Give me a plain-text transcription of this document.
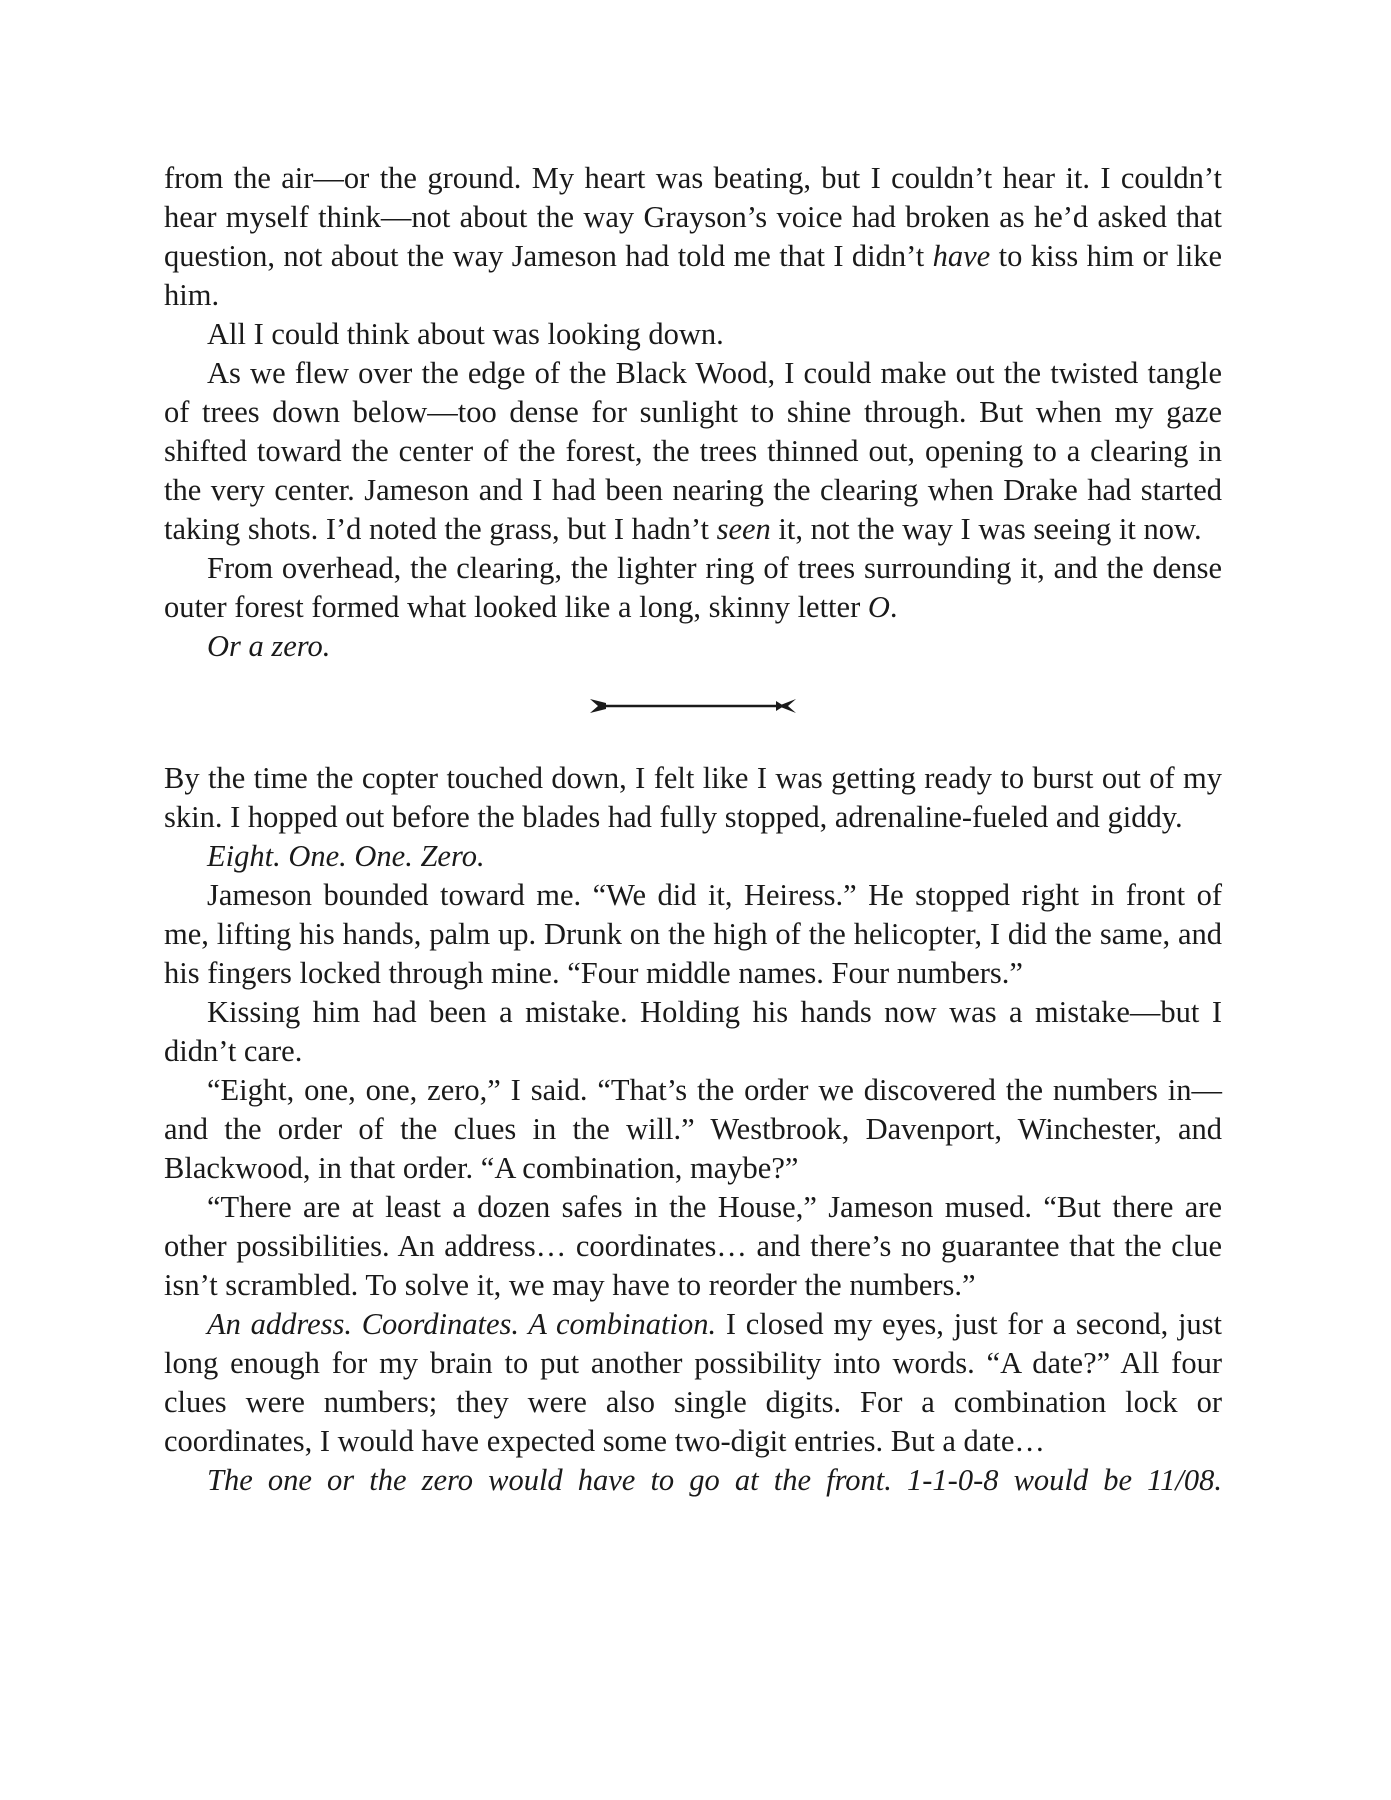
from the air—or the ground. My heart was beating, but I couldn’t hear it. I couldn’t hear myself think—not about the way Grayson’s voice had broken as he’d asked that question, not about the way Jameson had told me that I didn’t have to kiss him or like him.

All I could think about was looking down.

As we flew over the edge of the Black Wood, I could make out the twisted tangle of trees down below—too dense for sunlight to shine through. But when my gaze shifted toward the center of the forest, the trees thinned out, opening to a clearing in the very center. Jameson and I had been nearing the clearing when Drake had started taking shots. I’d noted the grass, but I hadn’t seen it, not the way I was seeing it now.

From overhead, the clearing, the lighter ring of trees surrounding it, and the dense outer forest formed what looked like a long, skinny letter O.

Or a zero.

By the time the copter touched down, I felt like I was getting ready to burst out of my skin. I hopped out before the blades had fully stopped, adrenaline-fueled and giddy.

Eight. One. One. Zero.

Jameson bounded toward me. “We did it, Heiress.” He stopped right in front of me, lifting his hands, palm up. Drunk on the high of the helicopter, I did the same, and his fingers locked through mine. “Four middle names. Four numbers.”

Kissing him had been a mistake. Holding his hands now was a mistake—but I didn’t care.

“Eight, one, one, zero,” I said. “That’s the order we discovered the numbers in—and the order of the clues in the will.” Westbrook, Davenport, Winchester, and Blackwood, in that order. “A combination, maybe?”

“There are at least a dozen safes in the House,” Jameson mused. “But there are other possibilities. An address… coordinates… and there’s no guarantee that the clue isn’t scrambled. To solve it, we may have to reorder the numbers.”

An address. Coordinates. A combination. I closed my eyes, just for a second, just long enough for my brain to put another possibility into words. “A date?” All four clues were numbers; they were also single digits. For a combination lock or coordinates, I would have expected some two-digit entries. But a date…

The one or the zero would have to go at the front. 1-1-0-8 would be 11/08.
